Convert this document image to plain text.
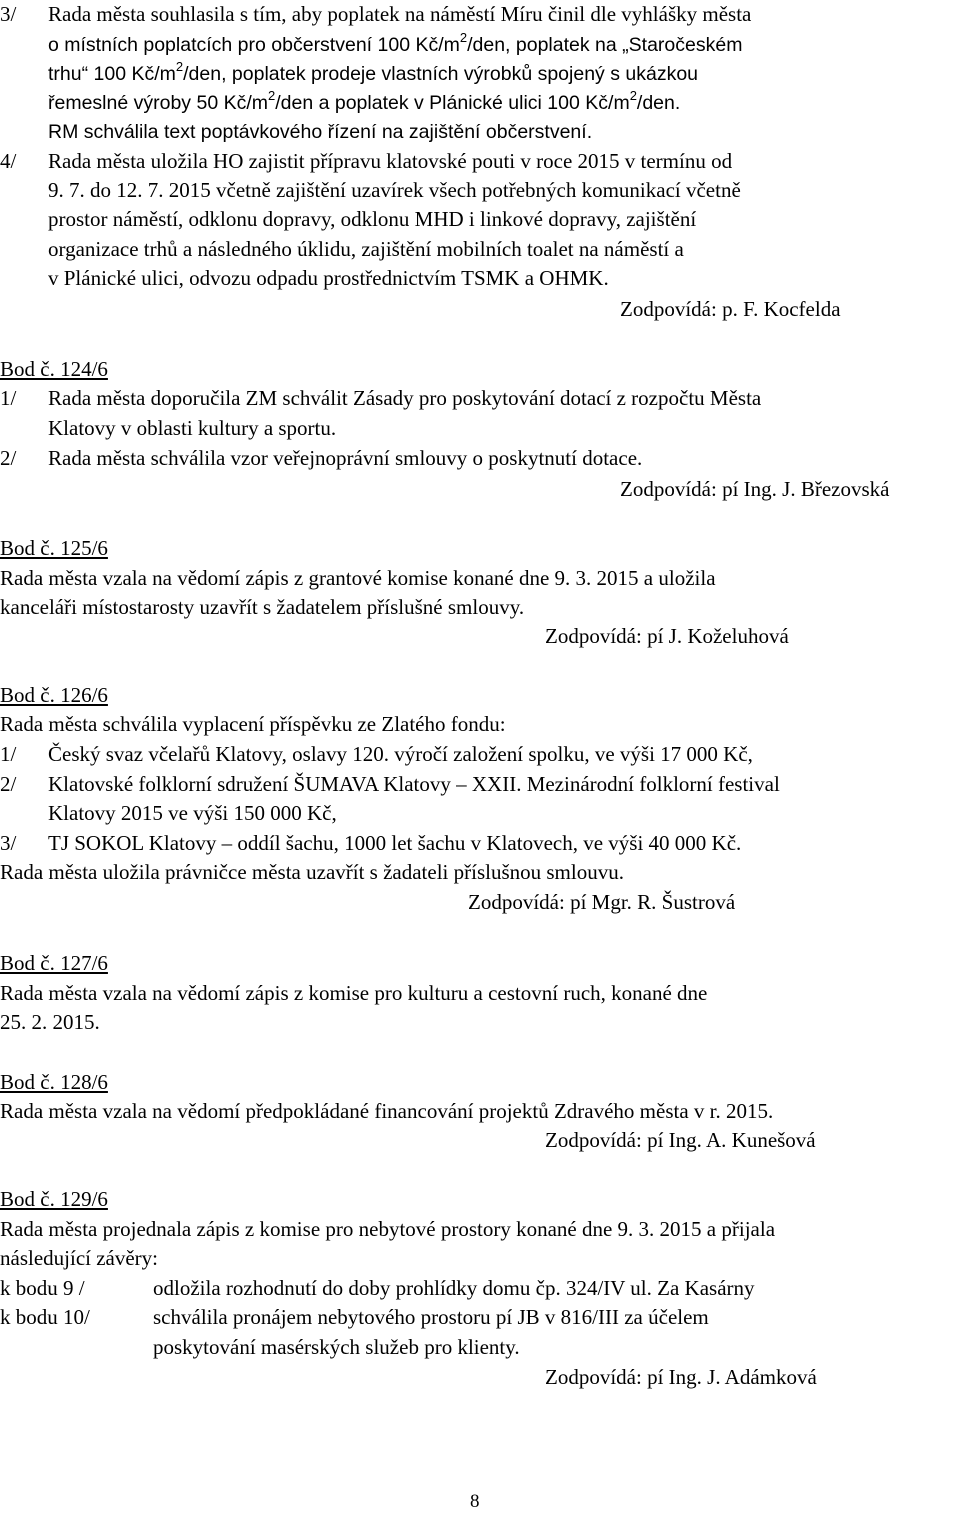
3/ Rada města souhlasila s tím, aby poplatek na náměstí Míru činil dle vyhlášky města
o místních poplatcích pro občerstvení 100 $Kč/m^2$/den, poplatek na „Staročeském
trhu“ 100 $Kč/m^2$/den, poplatek prodeje vlastních výrobků spojený s ukázkou
řemeslné výroby 50 $Kč/m^2$/den a poplatek v Plánické ulici 100 $Kč/m^2$/den.
RM schválila text poptávkového řízení na zajištění občerstvení.
4/ Rada města uložila HO zajistit přípravu klatovské pouti v roce 2015 v termínu od
9. 7. do 12. 7. 2015 včetně zajištění uzavírek všech potřebných komunikací včetně
prostor náměstí, odklonu dopravy, odklonu MHD i linkové dopravy, zajištění
organizace trhů a následného úklidu, zajištění mobilních toalet na náměstí a
v Plánické ulici, odvozu odpadu prostřednictvím TSMK a OHMK.
Zodpovídá: p. F. Kocfelda
Bod č. 124/6
1/ Rada města doporučila ZM schválit Zásady pro poskytování dotací z rozpočtu Města
Klatovy v oblasti kultury a sportu.
2/ Rada města schválila vzor veřejnoprávní smlouvy o poskytnutí dotace.
Zodpovídá: pí Ing. J. Březovská
Bod č. 125/6
Rada města vzala na vědomí zápis z grantové komise konané dne 9. 3. 2015 a uložila
kanceláři místostarosty uzavřít s žadatelem příslušné smlouvy.
Zodpovídá: pí J. Koželuhová
Bod č. 126/6
Rada města schválila vyplacení příspěvku ze Zlatého fondu:
1/ Český svaz včelařů Klatovy, oslavy 120. výročí založení spolku, ve výši 17 000 Kč,
2/ Klatovské folklorní sdružení ŠUMAVA Klatovy – XXII. Mezinárodní folklorní festival
Klatovy 2015 ve výši 150 000 Kč,
3/ TJ SOKOL Klatovy – oddíl šachu, 1000 let šachu v Klatovech, ve výši 40 000 Kč.
Rada města uložila právničce města uzavřít s žadateli příslušnou smlouvu.
Zodpovídá: pí Mgr. R. Šustrová
Bod č. 127/6
Rada města vzala na vědomí zápis z komise pro kulturu a cestovní ruch, konané dne
25. 2. 2015.
Bod č. 128/6
Rada města vzala na vědomí předpokládané financování projektů Zdravého města v r. 2015.
Zodpovídá: pí Ing. A. Kunešová
Bod č. 129/6
Rada města projednala zápis z komise pro nebytové prostory konané dne 9. 3. 2015 a přijala
následující závěry:
k bodu 9 /	odložila rozhodnutí do doby prohlídky domu čp. 324/IV ul. Za Kasárny
k bodu 10/	schválila pronájem nebytového prostoru pí JB v 816/III za účelem
poskytování masérských služeb pro klienty.
Zodpovídá: pí Ing. J. Adámková
8
